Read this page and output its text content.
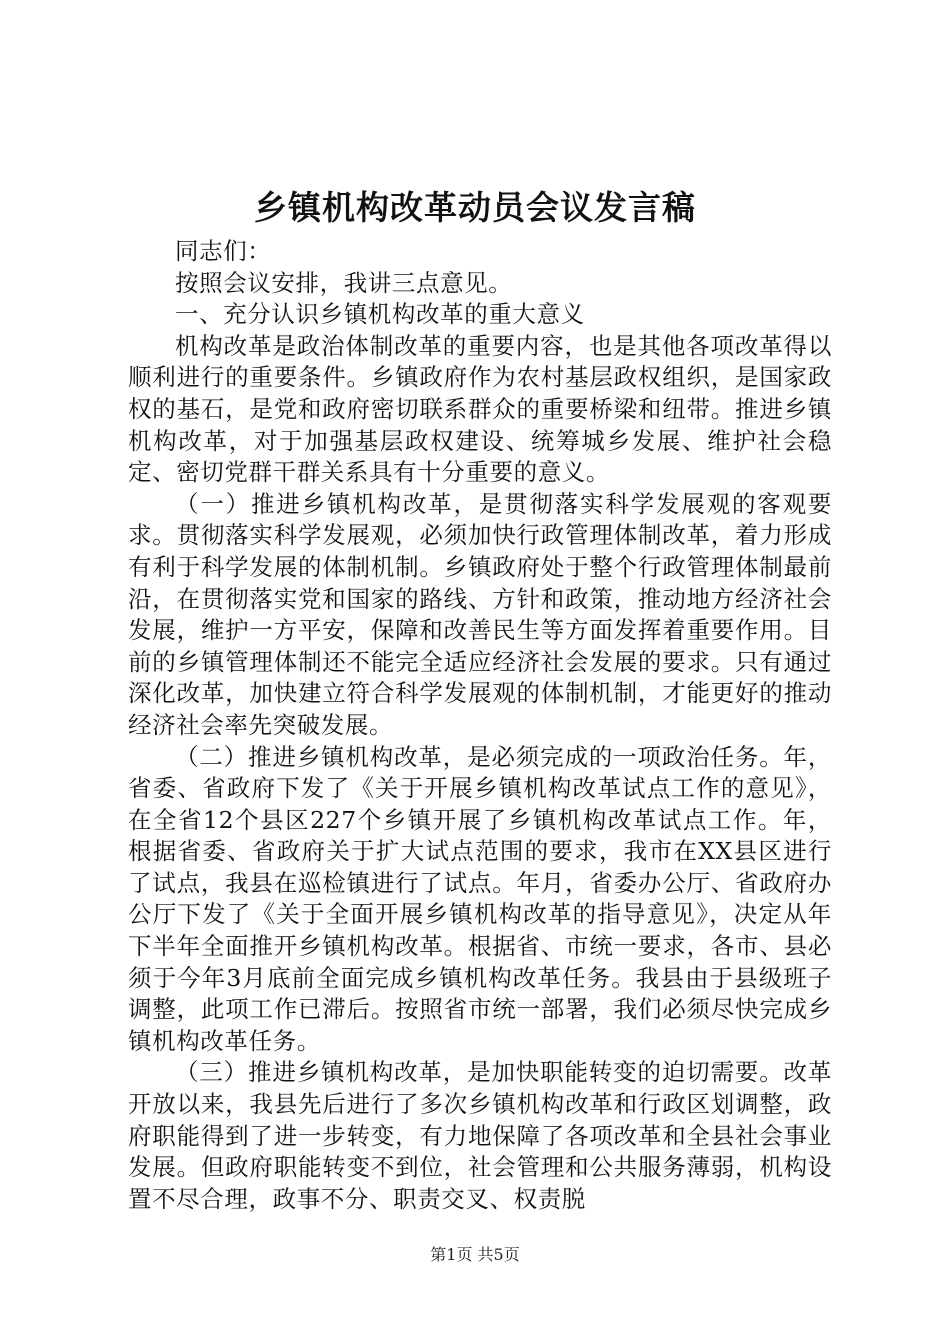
乡镇机构改革动员会议发言稿

同志们：

按照会议安排，我讲三点意见。

一、充分认识乡镇机构改革的重大意义

机构改革是政治体制改革的重要内容，也是其他各项改革得以顺利进行的重要条件。乡镇政府作为农村基层政权组织，是国家政权的基石，是党和政府密切联系群众的重要桥梁和纽带。推进乡镇机构改革，对于加强基层政权建设、统筹城乡发展、维护社会稳定、密切党群干群关系具有十分重要的意义。

（一）推进乡镇机构改革，是贯彻落实科学发展观的客观要求。贯彻落实科学发展观，必须加快行政管理体制改革，着力形成有利于科学发展的体制机制。乡镇政府处于整个行政管理体制最前沿，在贯彻落实党和国家的路线、方针和政策，推动地方经济社会发展，维护一方平安，保障和改善民生等方面发挥着重要作用。目前的乡镇管理体制还不能完全适应经济社会发展的要求。只有通过深化改革，加快建立符合科学发展观的体制机制，才能更好的推动经济社会率先突破发展。

（二）推进乡镇机构改革，是必须完成的一项政治任务。年，省委、省政府下发了《关于开展乡镇机构改革试点工作的意见》，在全省12个县区227个乡镇开展了乡镇机构改革试点工作。年，根据省委、省政府关于扩大试点范围的要求，我市在XX县区进行了试点，我县在巡检镇进行了试点。年月，省委办公厅、省政府办公厅下发了《关于全面开展乡镇机构改革的指导意见》，决定从年下半年全面推开乡镇机构改革。根据省、市统一要求，各市、县必须于今年3月底前全面完成乡镇机构改革任务。我县由于县级班子调整，此项工作已滞后。按照省市统一部署，我们必须尽快完成乡镇机构改革任务。

（三）推进乡镇机构改革，是加快职能转变的迫切需要。改革开放以来，我县先后进行了多次乡镇机构改革和行政区划调整，政府职能得到了进一步转变，有力地保障了各项改革和全县社会事业发展。但政府职能转变不到位，社会管理和公共服务薄弱，机构设置不尽合理，政事不分、职责交叉、权责脱

第1页 共5页
